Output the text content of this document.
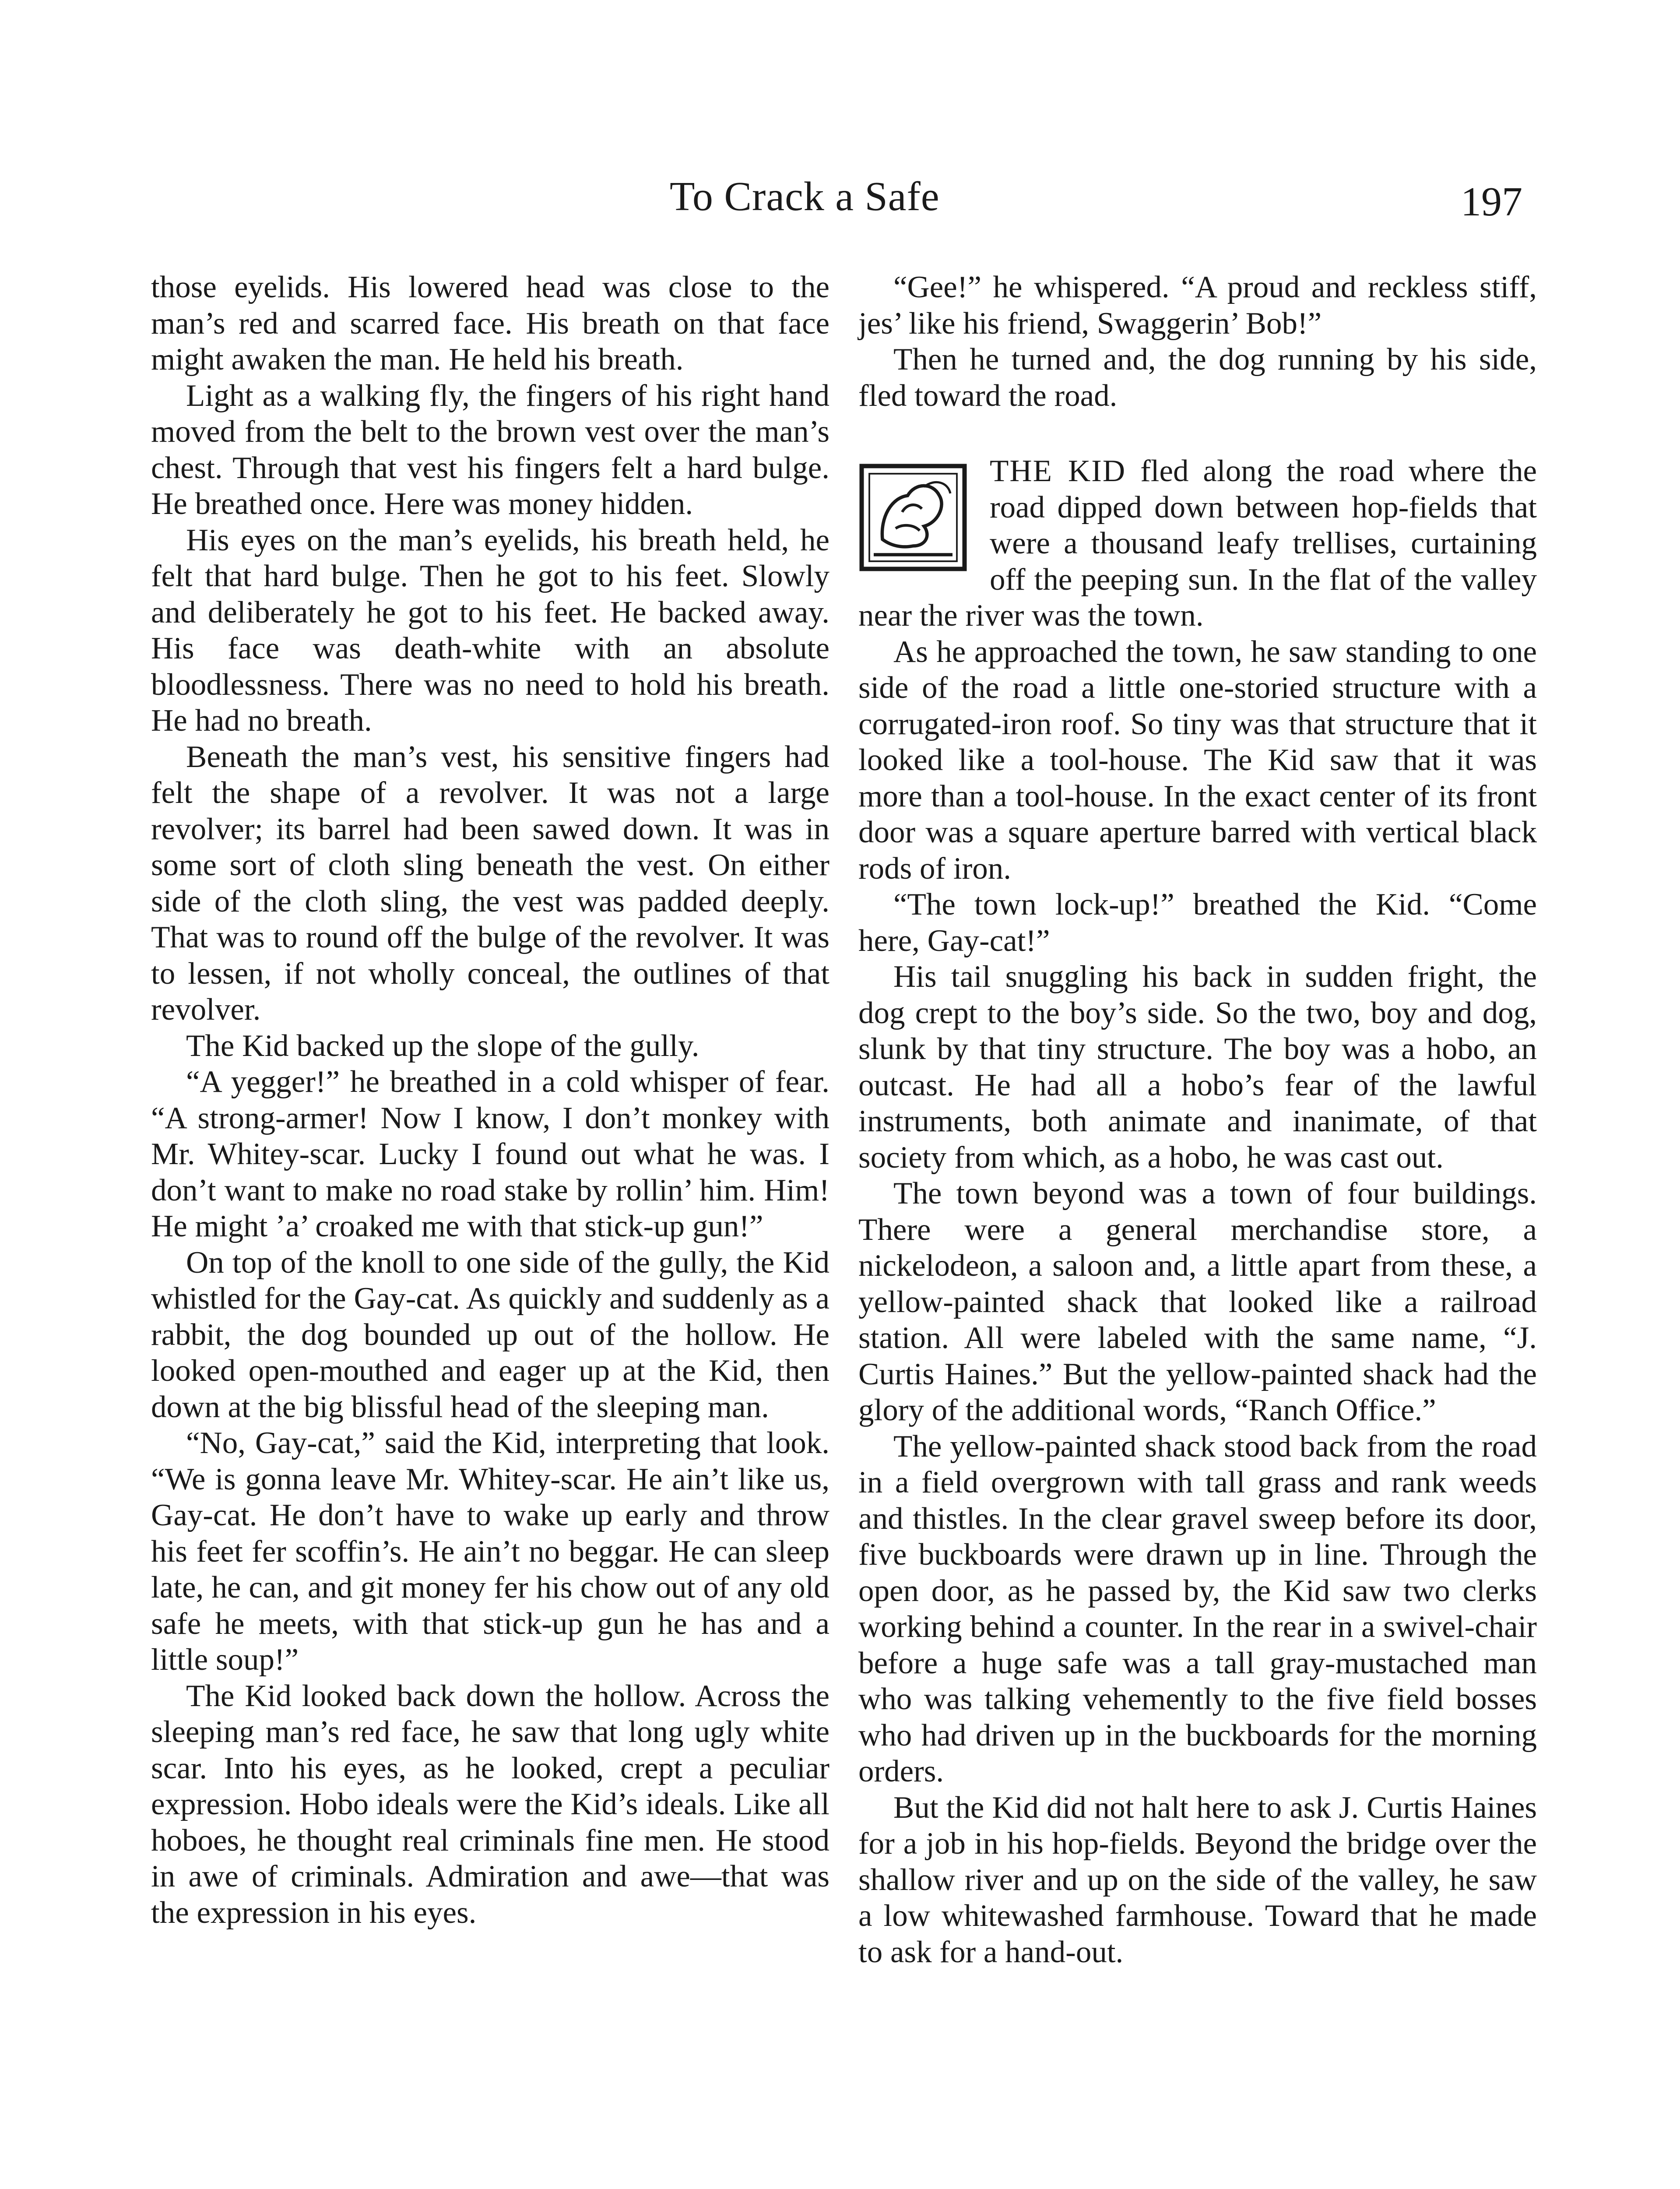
To Crack a Safe	197

those eyelids. His lowered head was close to the man’s red and scarred face. His breath on that face might awaken the man. He held his breath.

Light as a walking fly, the fingers of his right hand moved from the belt to the brown vest over the man’s chest. Through that vest his fingers felt a hard bulge. He breathed once. Here was money hidden.

His eyes on the man’s eyelids, his breath held, he felt that hard bulge. Then he got to his feet. Slowly and deliberately he got to his feet. He backed away. His face was death-white with an absolute bloodlessness. There was no need to hold his breath. He had no breath.

Beneath the man’s vest, his sensitive fingers had felt the shape of a revolver. It was not a large revolver; its barrel had been sawed down. It was in some sort of cloth sling beneath the vest. On either side of the cloth sling, the vest was padded deeply. That was to round off the bulge of the revolver. It was to lessen, if not wholly conceal, the outlines of that revolver.

The Kid backed up the slope of the gully.

“A yegger!” he breathed in a cold whisper of fear. “A strong-armer! Now I know, I don’t monkey with Mr. Whitey-scar. Lucky I found out what he was. I don’t want to make no road stake by rollin’ him. Him! He might ’a’ croaked me with that stick-up gun!”

On top of the knoll to one side of the gully, the Kid whistled for the Gay-cat. As quickly and suddenly as a rabbit, the dog bounded up out of the hollow. He looked open-mouthed and eager up at the Kid, then down at the big blissful head of the sleeping man.

“No, Gay-cat,” said the Kid, interpreting that look. “We is gonna leave Mr. Whitey-scar. He ain’t like us, Gay-cat. He don’t have to wake up early and throw his feet fer scoffin’s. He ain’t no beggar. He can sleep late, he can, and git money fer his chow out of any old safe he meets, with that stick-up gun he has and a little soup!”

The Kid looked back down the hollow. Across the sleeping man’s red face, he saw that long ugly white scar. Into his eyes, as he looked, crept a peculiar expression. Hobo ideals were the Kid’s ideals. Like all hoboes, he thought real criminals fine men. He stood in awe of criminals. Admiration and awe—that was the expression in his eyes.

“Gee!” he whispered. “A proud and reckless stiff, jes’ like his friend, Swaggerin’ Bob!”

Then he turned and, the dog running by his side, fled toward the road.

THE KID fled along the road where the road dipped down between hop-fields that were a thousand leafy trellises, curtaining off the peeping sun. In the flat of the valley near the river was the town.

As he approached the town, he saw standing to one side of the road a little one-storied structure with a corrugated-iron roof. So tiny was that structure that it looked like a tool-house. The Kid saw that it was more than a tool-house. In the exact center of its front door was a square aperture barred with vertical black rods of iron.

“The town lock-up!” breathed the Kid. “Come here, Gay-cat!”

His tail snuggling his back in sudden fright, the dog crept to the boy’s side. So the two, boy and dog, slunk by that tiny structure. The boy was a hobo, an outcast. He had all a hobo’s fear of the lawful instruments, both animate and inanimate, of that society from which, as a hobo, he was cast out.

The town beyond was a town of four buildings. There were a general merchandise store, a nickelodeon, a saloon and, a little apart from these, a yellow-painted shack that looked like a railroad station. All were labeled with the same name, “J. Curtis Haines.” But the yellow-painted shack had the glory of the additional words, “Ranch Office.”

The yellow-painted shack stood back from the road in a field overgrown with tall grass and rank weeds and thistles. In the clear gravel sweep before its door, five buckboards were drawn up in line. Through the open door, as he passed by, the Kid saw two clerks working behind a counter. In the rear in a swivel-chair before a huge safe was a tall gray-mustached man who was talking vehemently to the five field bosses who had driven up in the buckboards for the morning orders.

But the Kid did not halt here to ask J. Curtis Haines for a job in his hop-fields. Beyond the bridge over the shallow river and up on the side of the valley, he saw a low whitewashed farmhouse. Toward that he made to ask for a hand-out.
